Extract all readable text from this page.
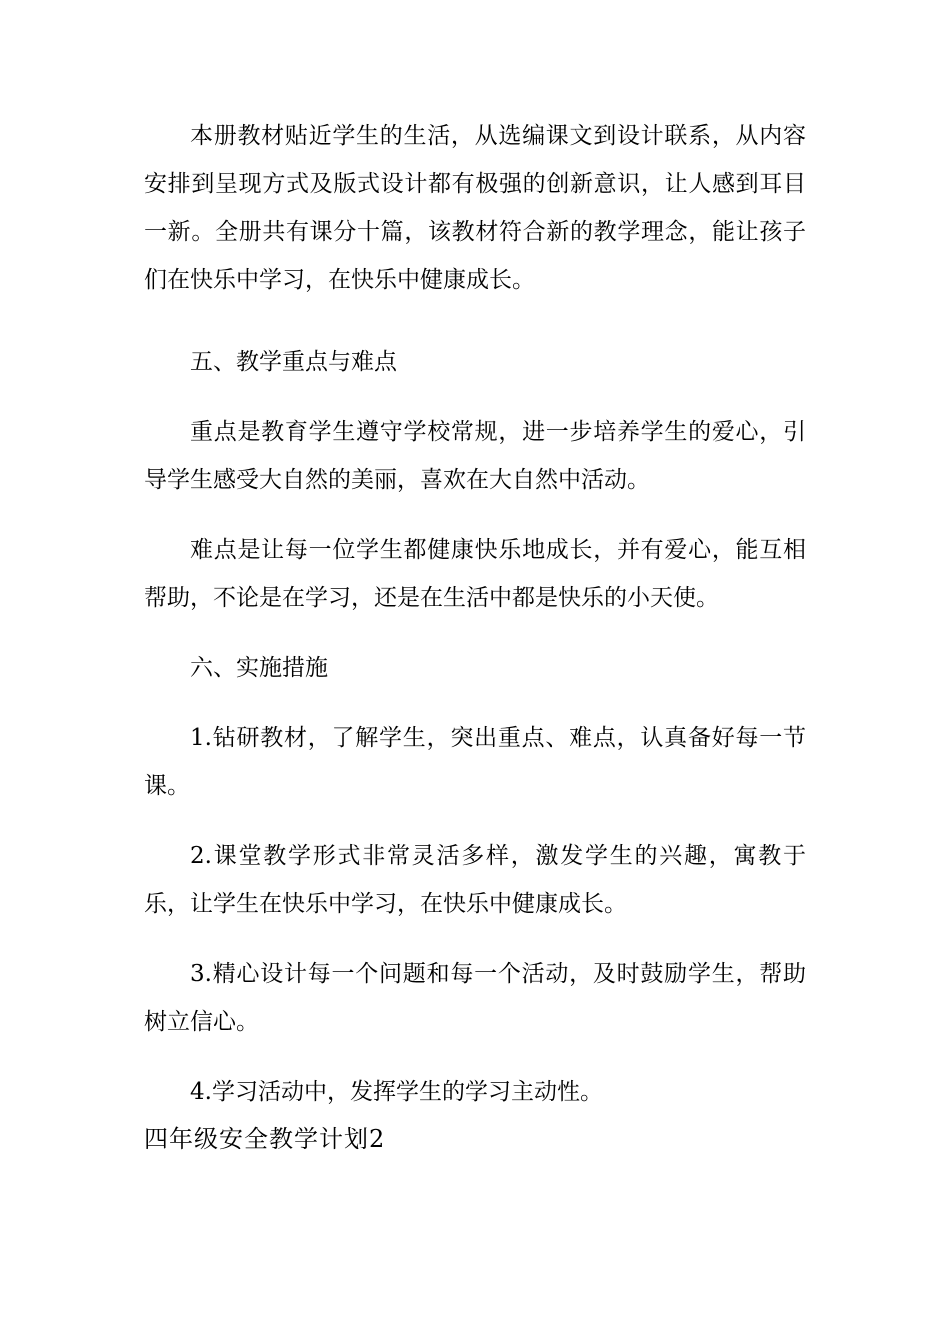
本册教材贴近学生的生活，从选编课文到设计联系，从内容安排到呈现方式及版式设计都有极强的创新意识，让人感到耳目一新。全册共有课分十篇，该教材符合新的教学理念，能让孩子们在快乐中学习，在快乐中健康成长。

五、教学重点与难点

重点是教育学生遵守学校常规，进一步培养学生的爱心，引导学生感受大自然的美丽，喜欢在大自然中活动。

难点是让每一位学生都健康快乐地成长，并有爱心，能互相帮助，不论是在学习，还是在生活中都是快乐的小天使。

六、实施措施

1.钻研教材，了解学生，突出重点、难点，认真备好每一节课。

2.课堂教学形式非常灵活多样，激发学生的兴趣，寓教于乐，让学生在快乐中学习，在快乐中健康成长。

3.精心设计每一个问题和每一个活动，及时鼓励学生，帮助树立信心。

4.学习活动中，发挥学生的学习主动性。

四年级安全教学计划2
